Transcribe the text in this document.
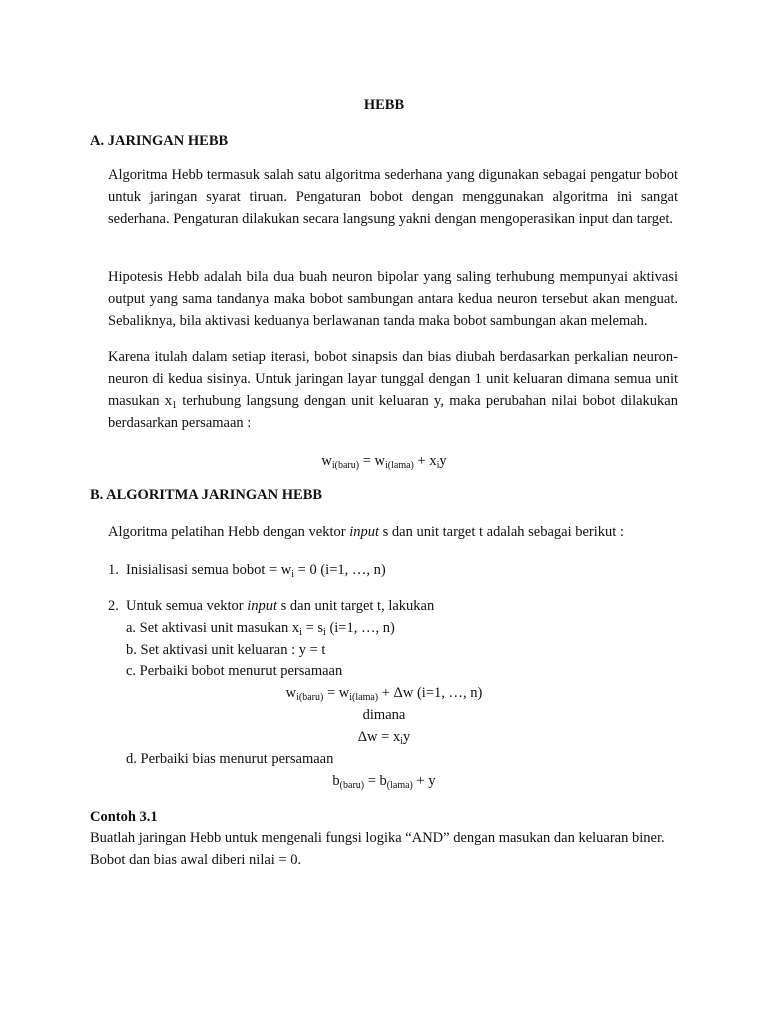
HEBB
A. JARINGAN HEBB

Algoritma Hebb termasuk salah satu algoritma sederhana yang digunakan sebagai pengatur bobot untuk jaringan syarat tiruan. Pengaturan bobot dengan menggunakan algoritma ini sangat sederhana. Pengaturan dilakukan secara langsung yakni dengan mengoperasikan input dan target.

Hipotesis Hebb adalah bila dua buah neuron bipolar yang saling terhubung mempunyai aktivasi output yang sama tandanya maka bobot sambungan antara kedua neuron tersebut akan menguat. Sebaliknya, bila aktivasi keduanya berlawanan tanda maka bobot sambungan akan melemah.

Karena itulah dalam setiap iterasi, bobot sinapsis dan bias diubah berdasarkan perkalian neuron-neuron di kedua sisinya. Untuk jaringan layar tunggal dengan 1 unit keluaran dimana semua unit masukan $x_1$ terhubung langsung dengan unit keluaran y, maka perubahan nilai bobot dilakukan berdasarkan persamaan :

$w_{i(baru)} = w_{i(lama)} + x_iy$
B. ALGORITMA JARINGAN HEBB
Algoritma pelatihan Hebb dengan vektor input s dan unit target t adalah sebagai berikut :
1. Inisialisasi semua bobot = $w_i = 0$ (i=1, …, n)
2. Untuk semua vektor input s dan unit target t, lakukan
a. Set aktivasi unit masukan $x_i = s_i$ (i=1, …, n)
b. Set aktivasi unit keluaran : y = t
c. Perbaiki bobot menurut persamaan
$w_{i(baru)} = w_{i(lama)} + \Delta w$ (i=1, …, n)
dimana
$\Delta w = x_iy$
d. Perbaiki bias menurut persamaan
$b_{(baru)} = b_{(lama)} + y$
Contoh 3.1

Buatlah jaringan Hebb untuk mengenali fungsi logika “AND” dengan masukan dan keluaran biner. Bobot dan bias awal diberi nilai = 0.
